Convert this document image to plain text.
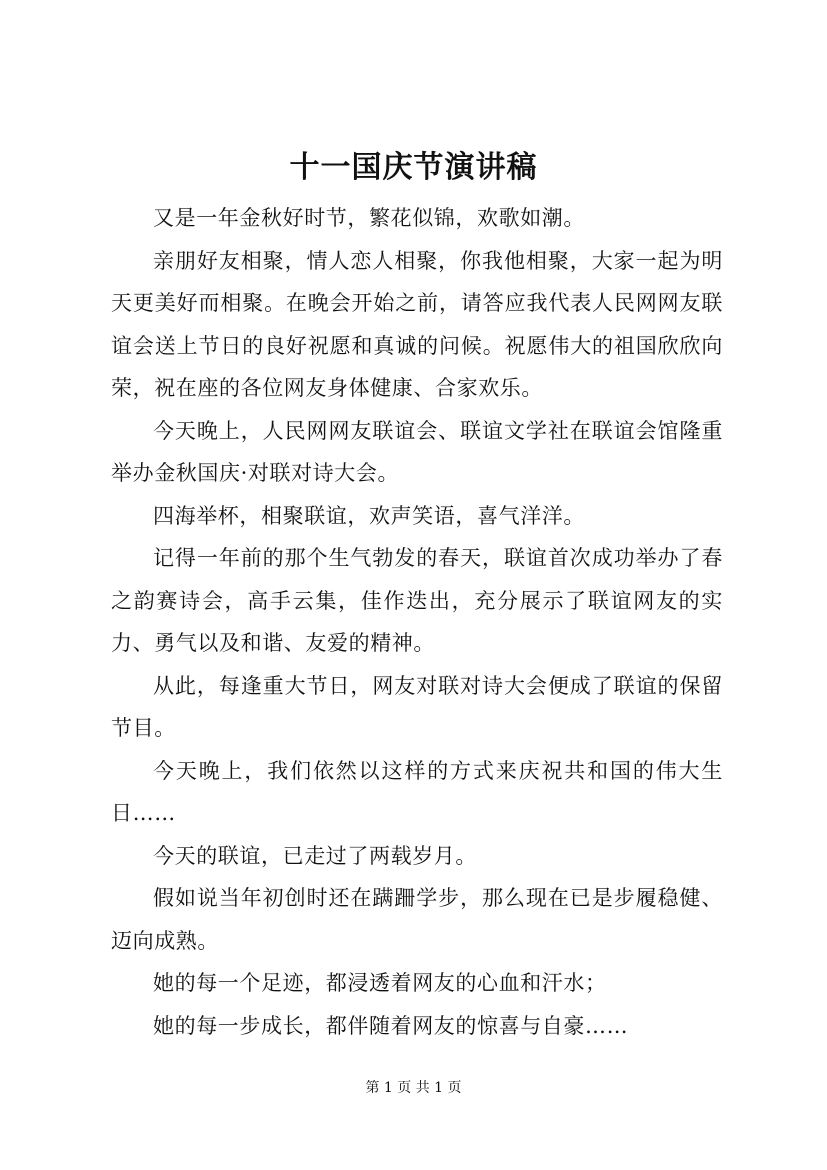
十一国庆节演讲稿

又是一年金秋好时节，繁花似锦，欢歌如潮。

亲朋好友相聚，情人恋人相聚，你我他相聚，大家一起为明天更美好而相聚。在晚会开始之前，请答应我代表人民网网友联谊会送上节日的良好祝愿和真诚的问候。祝愿伟大的祖国欣欣向荣，祝在座的各位网友身体健康、合家欢乐。

今天晚上，人民网网友联谊会、联谊文学社在联谊会馆隆重举办金秋国庆·对联对诗大会。

四海举杯，相聚联谊，欢声笑语，喜气洋洋。

记得一年前的那个生气勃发的春天，联谊首次成功举办了春之韵赛诗会，高手云集，佳作迭出，充分展示了联谊网友的实力、勇气以及和谐、友爱的精神。

从此，每逢重大节日，网友对联对诗大会便成了联谊的保留节目。

今天晚上，我们依然以这样的方式来庆祝共和国的伟大生日……

今天的联谊，已走过了两载岁月。

假如说当年初创时还在蹒跚学步，那么现在已是步履稳健、迈向成熟。

她的每一个足迹，都浸透着网友的心血和汗水；

她的每一步成长，都伴随着网友的惊喜与自豪……

第 1 页 共 1 页
